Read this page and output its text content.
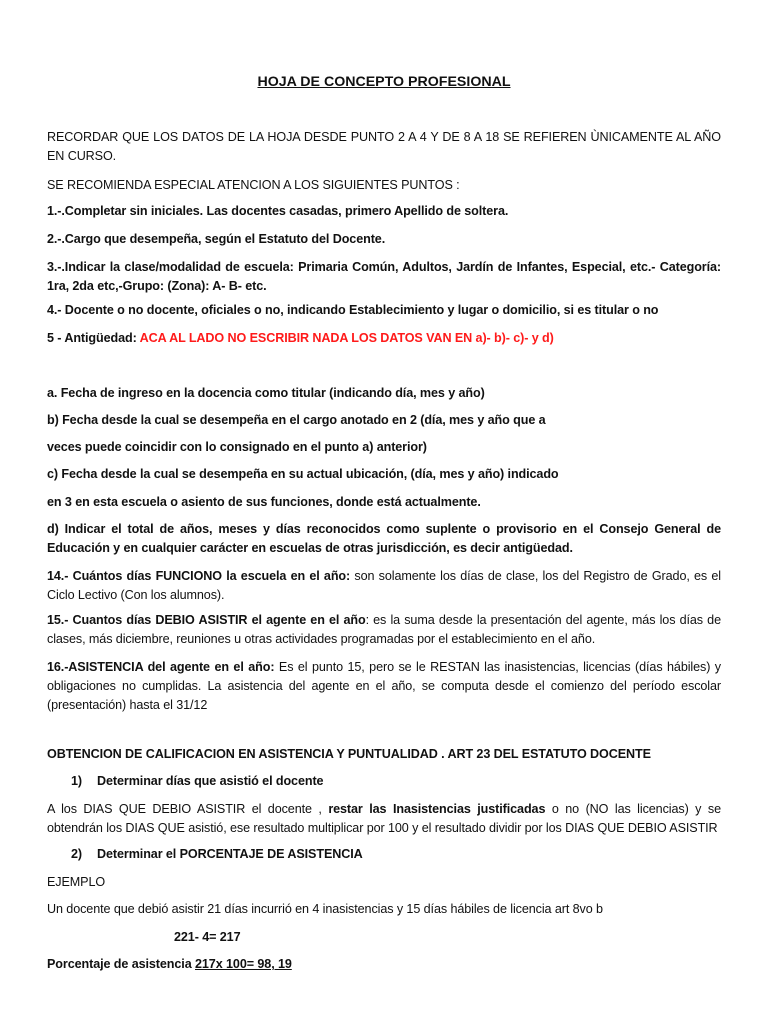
HOJA DE CONCEPTO PROFESIONAL

RECORDAR QUE LOS DATOS DE LA HOJA DESDE PUNTO 2 A 4 Y DE 8 A 18 SE REFIEREN ÙNICAMENTE AL AÑO EN CURSO.

SE RECOMIENDA ESPECIAL ATENCION A LOS SIGUIENTES PUNTOS :

1.-.Completar sin iniciales. Las docentes casadas, primero Apellido de soltera.

2.-.Cargo que desempeña, según el Estatuto del Docente.

3.-.Indicar la clase/modalidad de escuela: Primaria Común, Adultos, Jardín de Infantes, Especial, etc.- Categoría: 1ra, 2da etc,-Grupo: (Zona): A- B- etc.

4.- Docente o no docente, oficiales o no, indicando Establecimiento y lugar o domicilio, si es titular o no

5 - Antigüedad: ACA AL LADO NO ESCRIBIR NADA LOS DATOS VAN EN a)- b)- c)- y d)

a. Fecha de ingreso en la docencia como titular (indicando día, mes y año)

b) Fecha desde la cual se desempeña en el cargo anotado en 2 (día, mes y año que a

veces puede coincidir con lo consignado en el punto a) anterior)

c) Fecha desde la cual se desempeña en su actual ubicación, (día, mes y año) indicado

en 3 en esta escuela o asiento de sus funciones, donde está actualmente.

d) Indicar el total de años, meses y días reconocidos como suplente o provisorio en el Consejo General de Educación y en cualquier carácter en escuelas de otras jurisdicción, es decir antigüedad.

14.- Cuántos días FUNCIONO la escuela en el año: son solamente los días de clase, los del Registro de Grado, es el Ciclo Lectivo (Con los alumnos).

15.- Cuantos días DEBIO ASISTIR el agente en el año: es la suma desde la presentación del agente, más los días de clases, más diciembre, reuniones u otras actividades programadas por el establecimiento en el año.

16.-ASISTENCIA del agente en el año: Es el punto 15, pero se le RESTAN las inasistencias, licencias (días hábiles) y obligaciones no cumplidas. La asistencia del agente en el año, se computa desde el comienzo del período escolar (presentación) hasta el 31/12

OBTENCION DE CALIFICACION EN ASISTENCIA Y PUNTUALIDAD . ART 23 DEL ESTATUTO DOCENTE

1) Determinar días que asistió el docente

A los DIAS QUE DEBIO ASISTIR el docente , restar las Inasistencias justificadas o no (NO las licencias) y se obtendrán los DIAS QUE asistió, ese resultado multiplicar por 100 y el resultado dividir por los DIAS QUE DEBIO ASISTIR

2) Determinar el PORCENTAJE DE ASISTENCIA

EJEMPLO

Un docente que debió asistir 21 días incurrió en 4 inasistencias y 15 días hábiles de licencia art 8vo b

221- 4= 217

Porcentaje de asistencia 217x 100= 98, 19
